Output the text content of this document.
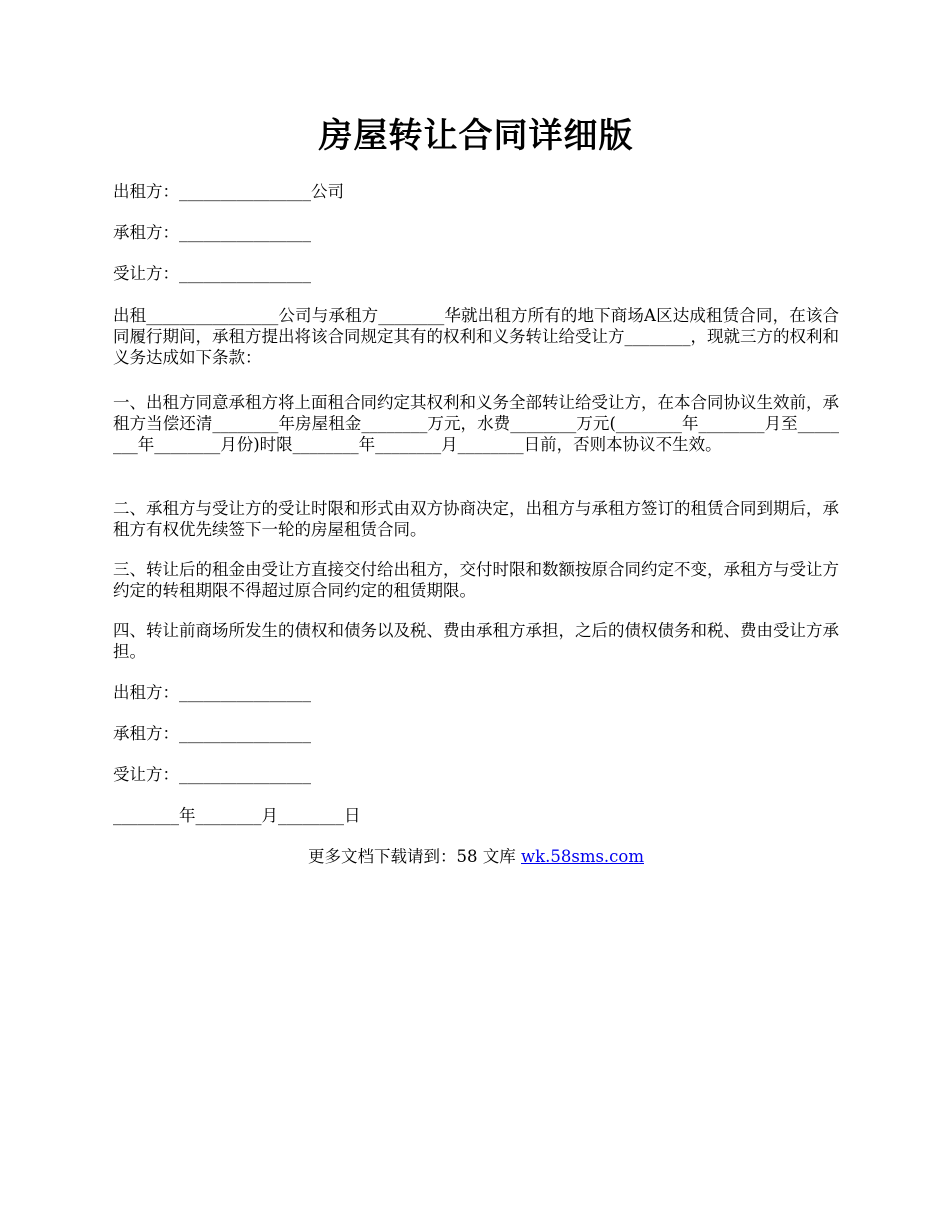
房屋转让合同详细版
出租方：________________公司
承租方：________________
受让方：________________
出租________________公司与承租方________华就出租方所有的地下商场A区达成租赁合同，在该合同履行期间，承租方提出将该合同规定其有的权利和义务转让给受让方________，现就三方的权利和义务达成如下条款：
一、出租方同意承租方将上面租合同约定其权利和义务全部转让给受让方，在本合同协议生效前，承租方当偿还清________年房屋租金________万元，水费________万元(________年________月至________年________月份)时限________年________月________日前，否则本协议不生效。
二、承租方与受让方的受让时限和形式由双方协商决定，出租方与承租方签订的租赁合同到期后，承租方有权优先续签下一轮的房屋租赁合同。
三、转让后的租金由受让方直接交付给出租方，交付时限和数额按原合同约定不变，承租方与受让方约定的转租期限不得超过原合同约定的租赁期限。
四、转让前商场所发生的债权和债务以及税、费由承租方承担，之后的债权债务和税、费由受让方承担。
出租方：________________
承租方：________________
受让方：________________
________年________月________日
更多文档下载请到：58 文库 wk.58sms.com
